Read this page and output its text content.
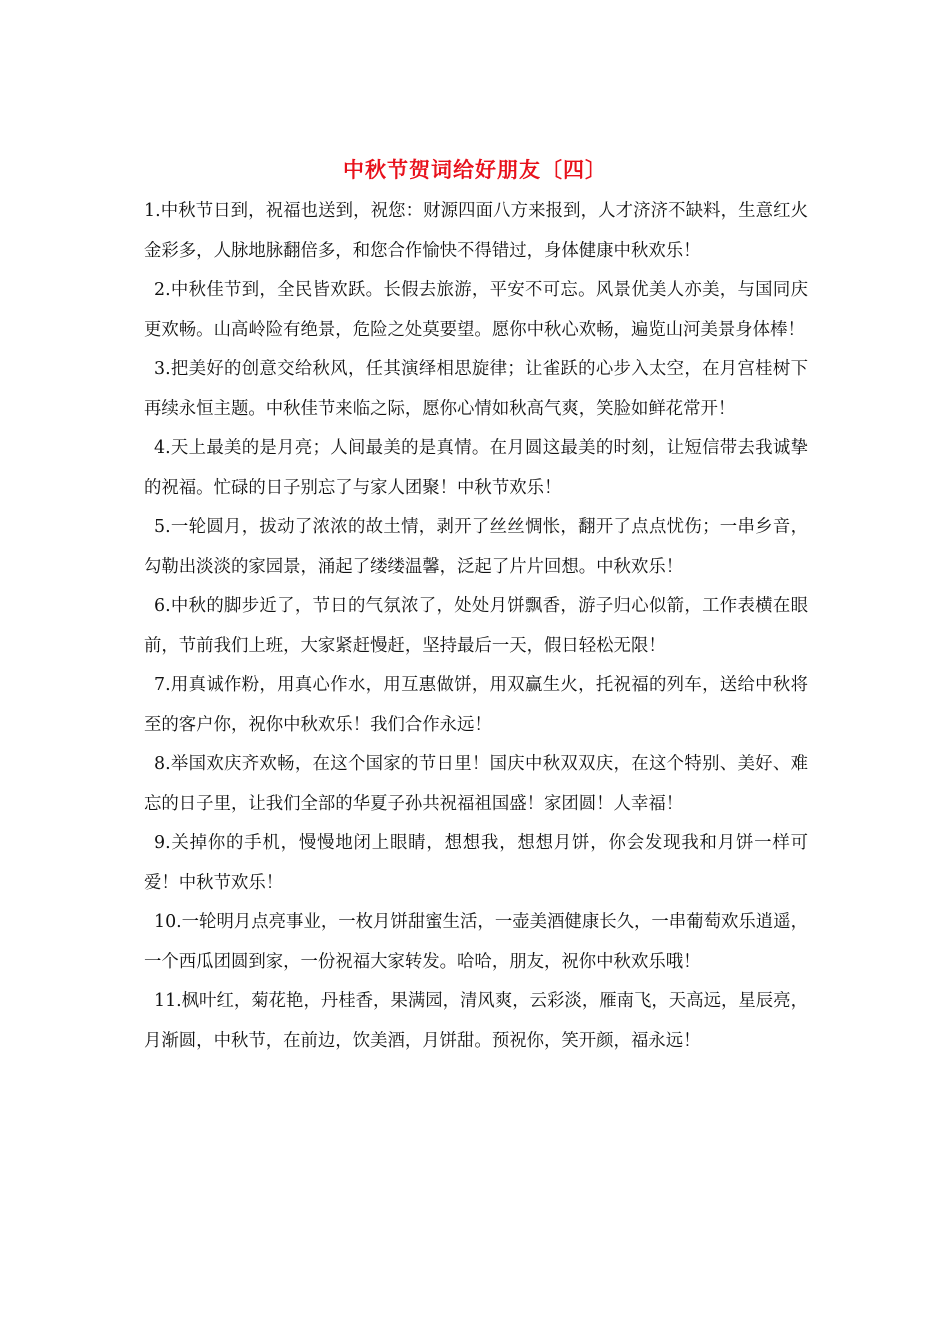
中秋节贺词给好朋友〔四〕

1.中秋节日到，祝福也送到，祝您：财源四面八方来报到，人才济济不缺料，生意红火金彩多，人脉地脉翻倍多，和您合作愉快不得错过，身体健康中秋欢乐！

2.中秋佳节到，全民皆欢跃。长假去旅游，平安不可忘。风景优美人亦美，与国同庆更欢畅。山高岭险有绝景，危险之处莫要望。愿你中秋心欢畅，遍览山河美景身体棒！

3.把美好的创意交给秋风，任其演绎相思旋律；让雀跃的心步入太空，在月宫桂树下再续永恒主题。中秋佳节来临之际，愿你心情如秋高气爽，笑脸如鲜花常开！

4.天上最美的是月亮；人间最美的是真情。在月圆这最美的时刻，让短信带去我诚挚的祝福。忙碌的日子别忘了与家人团聚！中秋节欢乐！

5.一轮圆月，拔动了浓浓的故土情，剥开了丝丝惆怅，翻开了点点忧伤；一串乡音，勾勒出淡淡的家园景，涌起了缕缕温馨，泛起了片片回想。中秋欢乐！

6.中秋的脚步近了，节日的气氛浓了，处处月饼飘香，游子归心似箭，工作表横在眼前，节前我们上班，大家紧赶慢赶，坚持最后一天，假日轻松无限！

7.用真诚作粉，用真心作水，用互惠做饼，用双赢生火，托祝福的列车，送给中秋将至的客户你，祝你中秋欢乐！我们合作永远！

8.举国欢庆齐欢畅，在这个国家的节日里！国庆中秋双双庆，在这个特别、美好、难忘的日子里，让我们全部的华夏子孙共祝福祖国盛！家团圆！人幸福！

9.关掉你的手机，慢慢地闭上眼睛，想想我，想想月饼，你会发现我和月饼一样可爱！中秋节欢乐！

10.一轮明月点亮事业，一枚月饼甜蜜生活，一壶美酒健康长久，一串葡萄欢乐逍遥，一个西瓜团圆到家，一份祝福大家转发。哈哈，朋友，祝你中秋欢乐哦！

11.枫叶红，菊花艳，丹桂香，果满园，清风爽，云彩淡，雁南飞，天高远，星辰亮，月渐圆，中秋节，在前边，饮美酒，月饼甜。预祝你，笑开颜，福永远！
